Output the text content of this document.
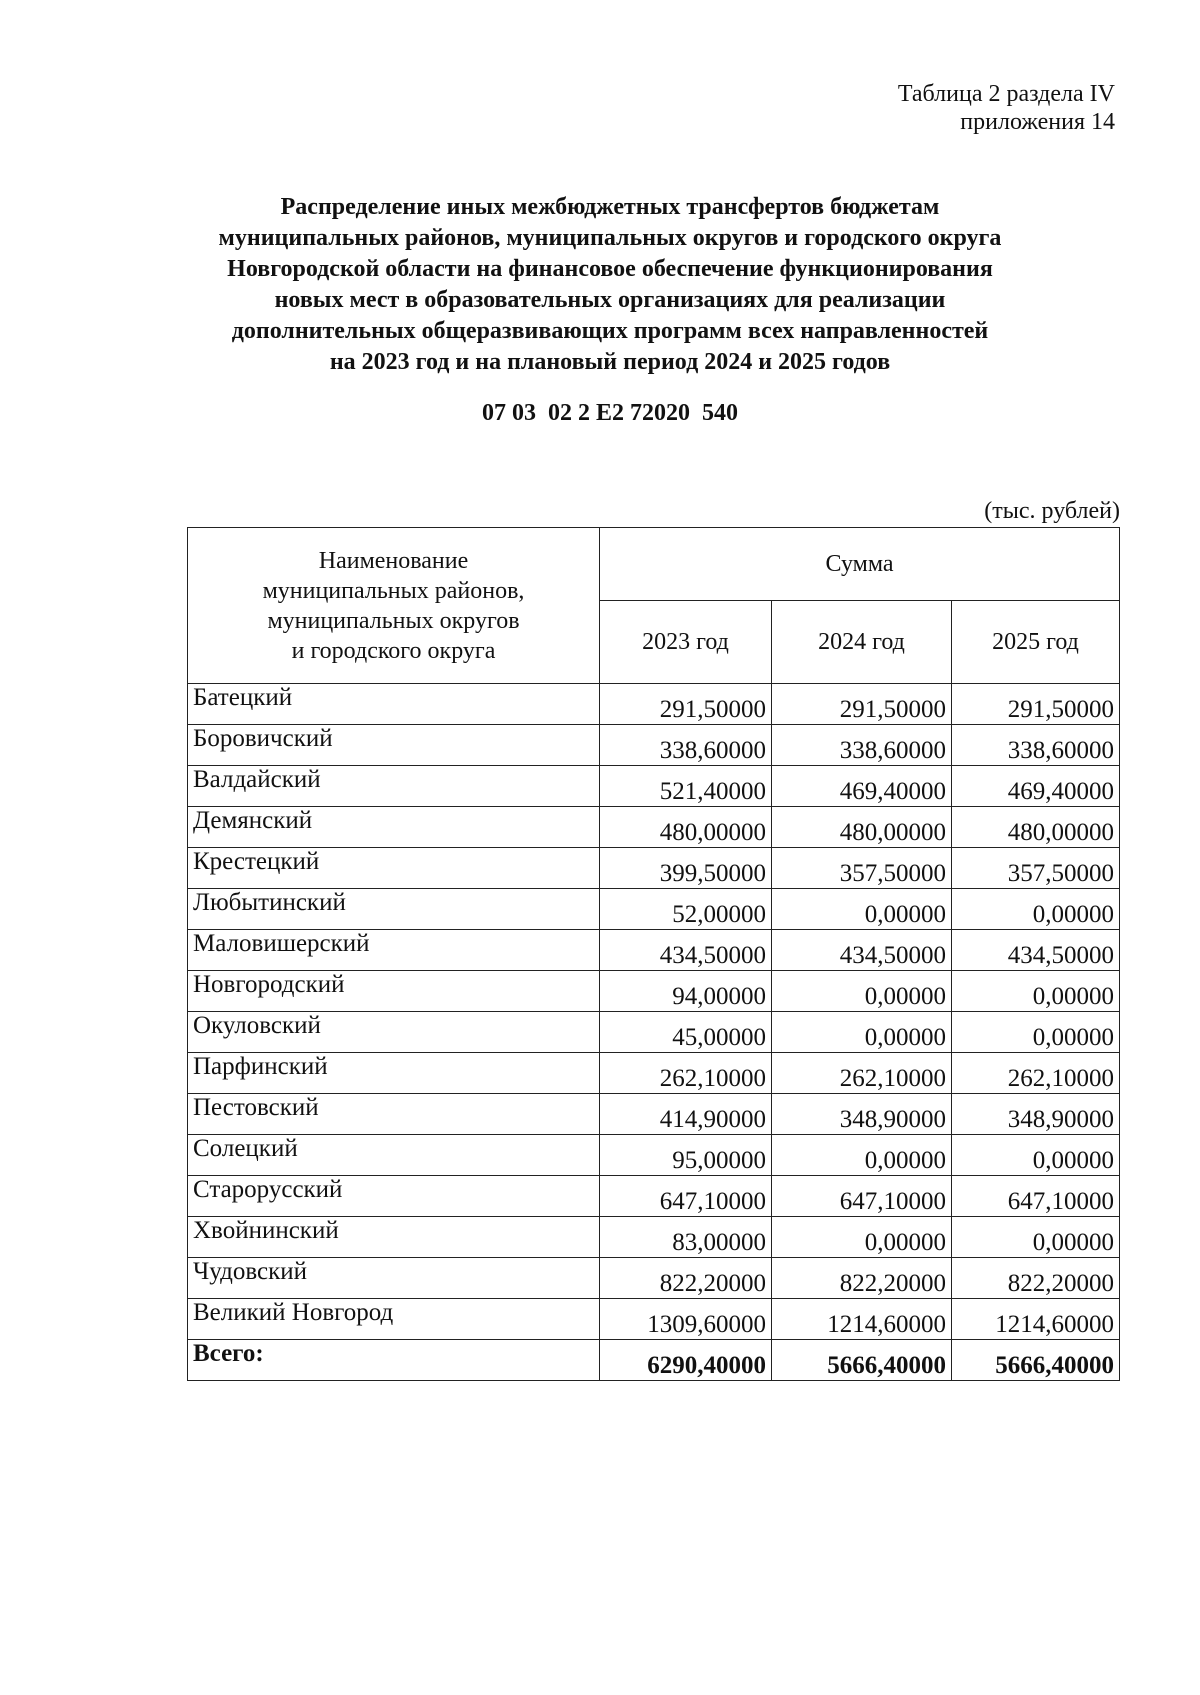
Таблица 2 раздела IV
приложения 14
Распределение иных межбюджетных трансфертов бюджетам
муниципальных районов, муниципальных округов и городского округа
Новгородской области на финансовое обеспечение функционирования
новых мест в образовательных организациях для реализации
дополнительных общеразвивающих программ всех направленностей
на 2023 год и на плановый период 2024 и 2025 годов
07 03  02 2 E2 72020  540
(тыс. рублей)
Наименование
муниципальных районов,
муниципальных округов
и городского округа	Сумма		
	2023 год	2024 год	2025 год
Батецкий	291,50000	291,50000	291,50000
Боровичский	338,60000	338,60000	338,60000
Валдайский	521,40000	469,40000	469,40000
Демянский	480,00000	480,00000	480,00000
Крестецкий	399,50000	357,50000	357,50000
Любытинский	52,00000	0,00000	0,00000
Маловишерский	434,50000	434,50000	434,50000
Новгородский	94,00000	0,00000	0,00000
Окуловский	45,00000	0,00000	0,00000
Парфинский	262,10000	262,10000	262,10000
Пестовский	414,90000	348,90000	348,90000
Солецкий	95,00000	0,00000	0,00000
Старорусский	647,10000	647,10000	647,10000
Хвойнинский	83,00000	0,00000	0,00000
Чудовский	822,20000	822,20000	822,20000
Великий Новгород	1309,60000	1214,60000	1214,60000
Всего:	6290,40000	5666,40000	5666,40000
